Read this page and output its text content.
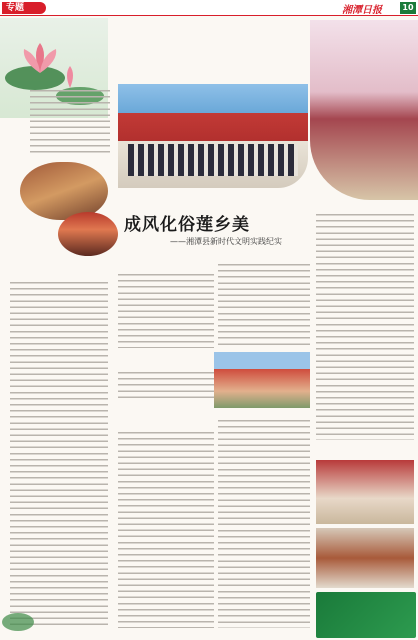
专题	湘潭日报	10
成风化俗莲乡美
——湘潭县新时代文明实践纪实
